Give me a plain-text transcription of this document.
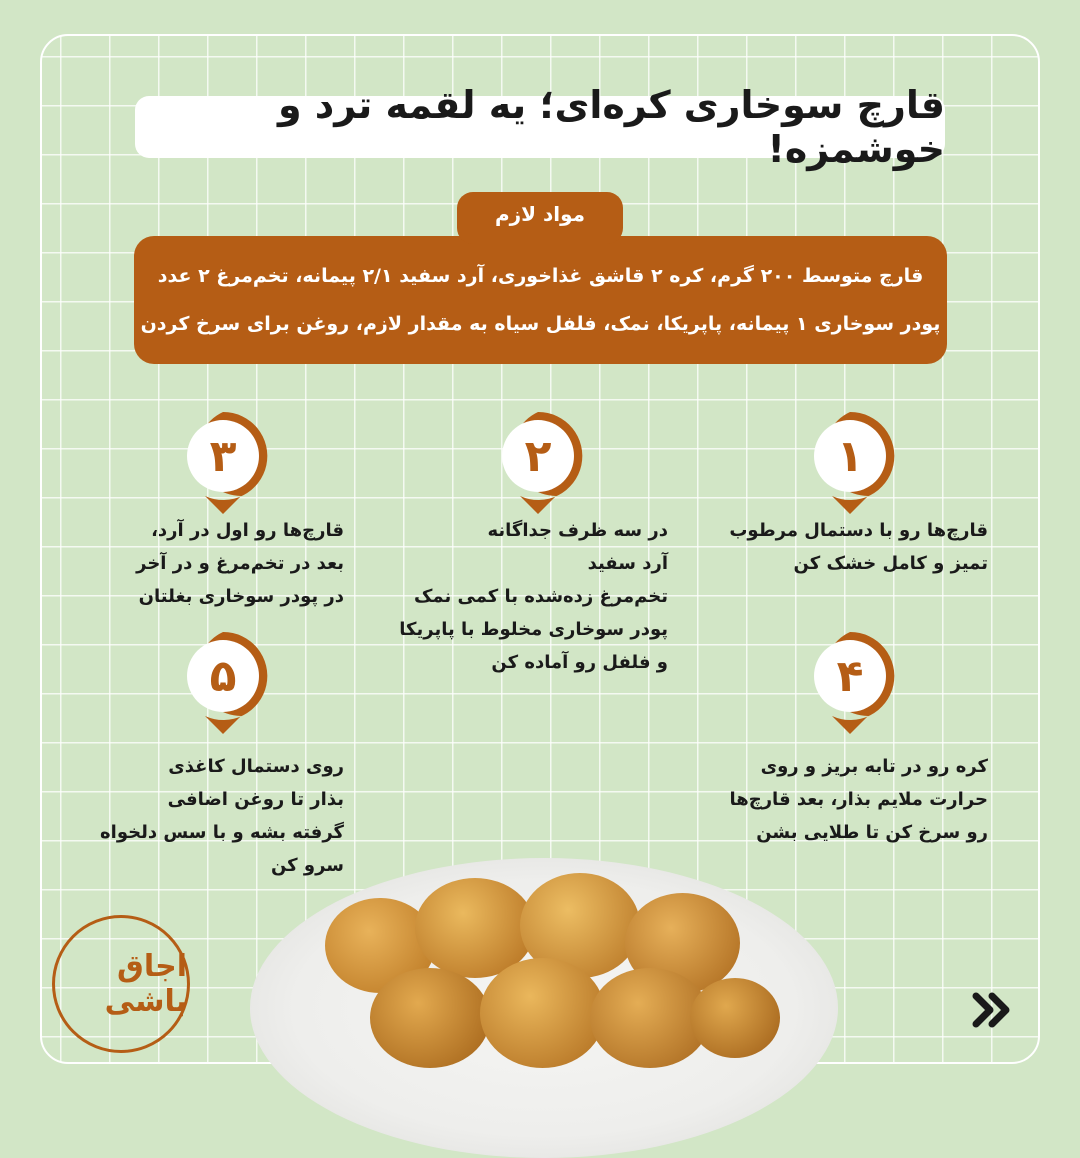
قارچ سوخاری کره‌ای؛ یه لقمه ترد و خوشمزه!
قارچ متوسط ۲۰۰ گرم، کره ۲ قاشق غذاخوری، آرد سفید ۲/۱ پیمانه، تخم‌مرغ ۲ عدد
پودر سوخاری ۱ پیمانه، پاپریکا، نمک، فلفل سیاه به مقدار لازم، روغن برای سرخ کردن
مواد لازم
۱
قارچ‌ها رو با دستمال مرطوب
تمیز و کامل خشک کن
۲
در سه ظرف جداگانه
آرد سفید
تخم‌مرغ زده‌شده با کمی نمک
پودر سوخاری مخلوط با پاپریکا
و فلفل رو آماده کن
۳
قارچ‌ها رو اول در آرد،
بعد در تخم‌مرغ و در آخر
در پودر سوخاری بغلتان
۴
کره رو در تابه بریز و روی
حرارت ملایم بذار، بعد قارچ‌ها
رو سرخ کن تا طلایی بشن
۵
روی دستمال کاغذی
بذار تا روغن اضافی
گرفته بشه و با سس دلخواه
سرو کن
اجاق باشی
